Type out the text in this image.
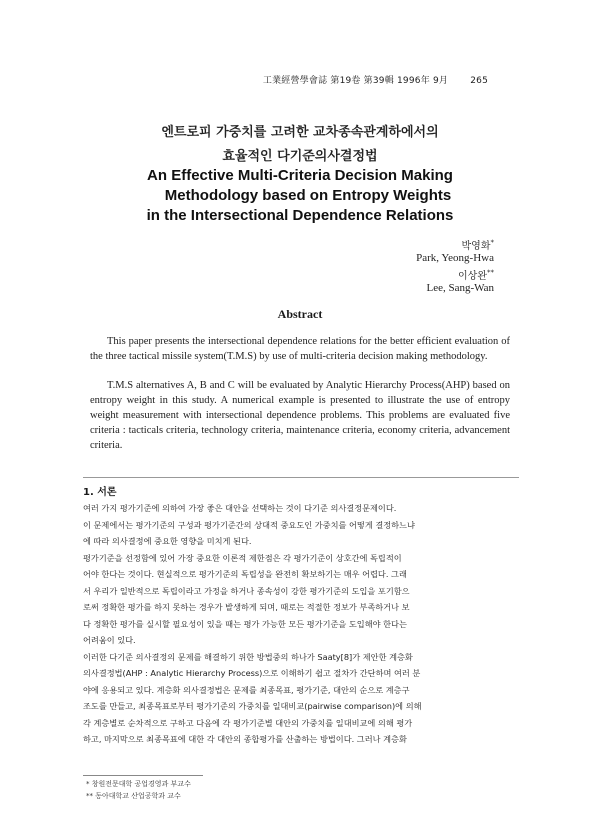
工業經營學會誌 第19卷 第39輯 1996年 9月 265
엔트로피 가중치를 고려한 교차종속관계하에서의
효율적인 다기준의사결정법
An Effective Multi-Criteria Decision Making
Methodology based on Entropy Weights
in the Intersectional Dependence Relations
박영화*
Park, Yeong-Hwa
이상완**
Lee, Sang-Wan
Abstract

This paper presents the intersectional dependence relations for the better efficient evaluation of the three tactical missile system(T.M.S) by use of multi-criteria decision making methodology.

T.M.S alternatives A, B and C will be evaluated by Analytic Hierarchy Process(AHP) based on entropy weight in this study. A numerical example is presented to illustrate the use of entropy weight measurement with intersectional dependence problems. This problems are evaluated five criteria : tacticals criteria, technology criteria, maintenance criteria, economy criteria, advancement criteria.

1. 서론
여러 가지 평가기준에 의하여 가장 좋은 대안을 선택하는 것이 다기준 의사결정문제이다.
이 문제에서는 평가기준의 구성과 평가기준간의 상대적 중요도인 가중치를 어떻게 결정하느냐
에 따라 의사결정에 중요한 영향을 미치게 된다.
평가기준을 선정함에 있어 가장 중요한 이론적 제한점은 각 평가기준이 상호간에 독립적이
어야 한다는 것이다. 현실적으로 평가기준의 독립성을 완전히 확보하기는 매우 어렵다. 그래
서 우리가 일반적으로 독립이라고 가정을 하거나 종속성이 강한 평가기준의 도입을 포기함으
로써 정확한 평가를 하지 못하는 경우가 발생하게 되며, 때로는 적절한 정보가 부족하거나 보
다 정확한 평가를 실시할 필요성이 있을 때는 평가 가능한 모든 평가기준을 도입해야 한다는
어려움이 있다.
이러한 다기준 의사결정의 문제를 해결하기 위한 방법중의 하나가 Saaty[8]가 제안한 계층화
의사결정법(AHP : Analytic Hierarchy Process)으로 이해하기 쉽고 절차가 간단하며 여러 분
야에 응용되고 있다. 계층화 의사결정법은 문제를 최종목표, 평가기준, 대안의 순으로 계층구
조도를 만들고, 최종목표로부터 평가기준의 가중치를 일대비교(pairwise comparison)에 의해
각 계층별로 순차적으로 구하고 다음에 각 평가기준별 대안의 가중치를 일대비교에 의해 평가
하고, 마지막으로 최종목표에 대한 각 대안의 종합평가를 산출하는 방법이다. 그러나 계층화
* 창원전문대학 공업경영과 부교수
** 동아대학교 산업공학과 교수
